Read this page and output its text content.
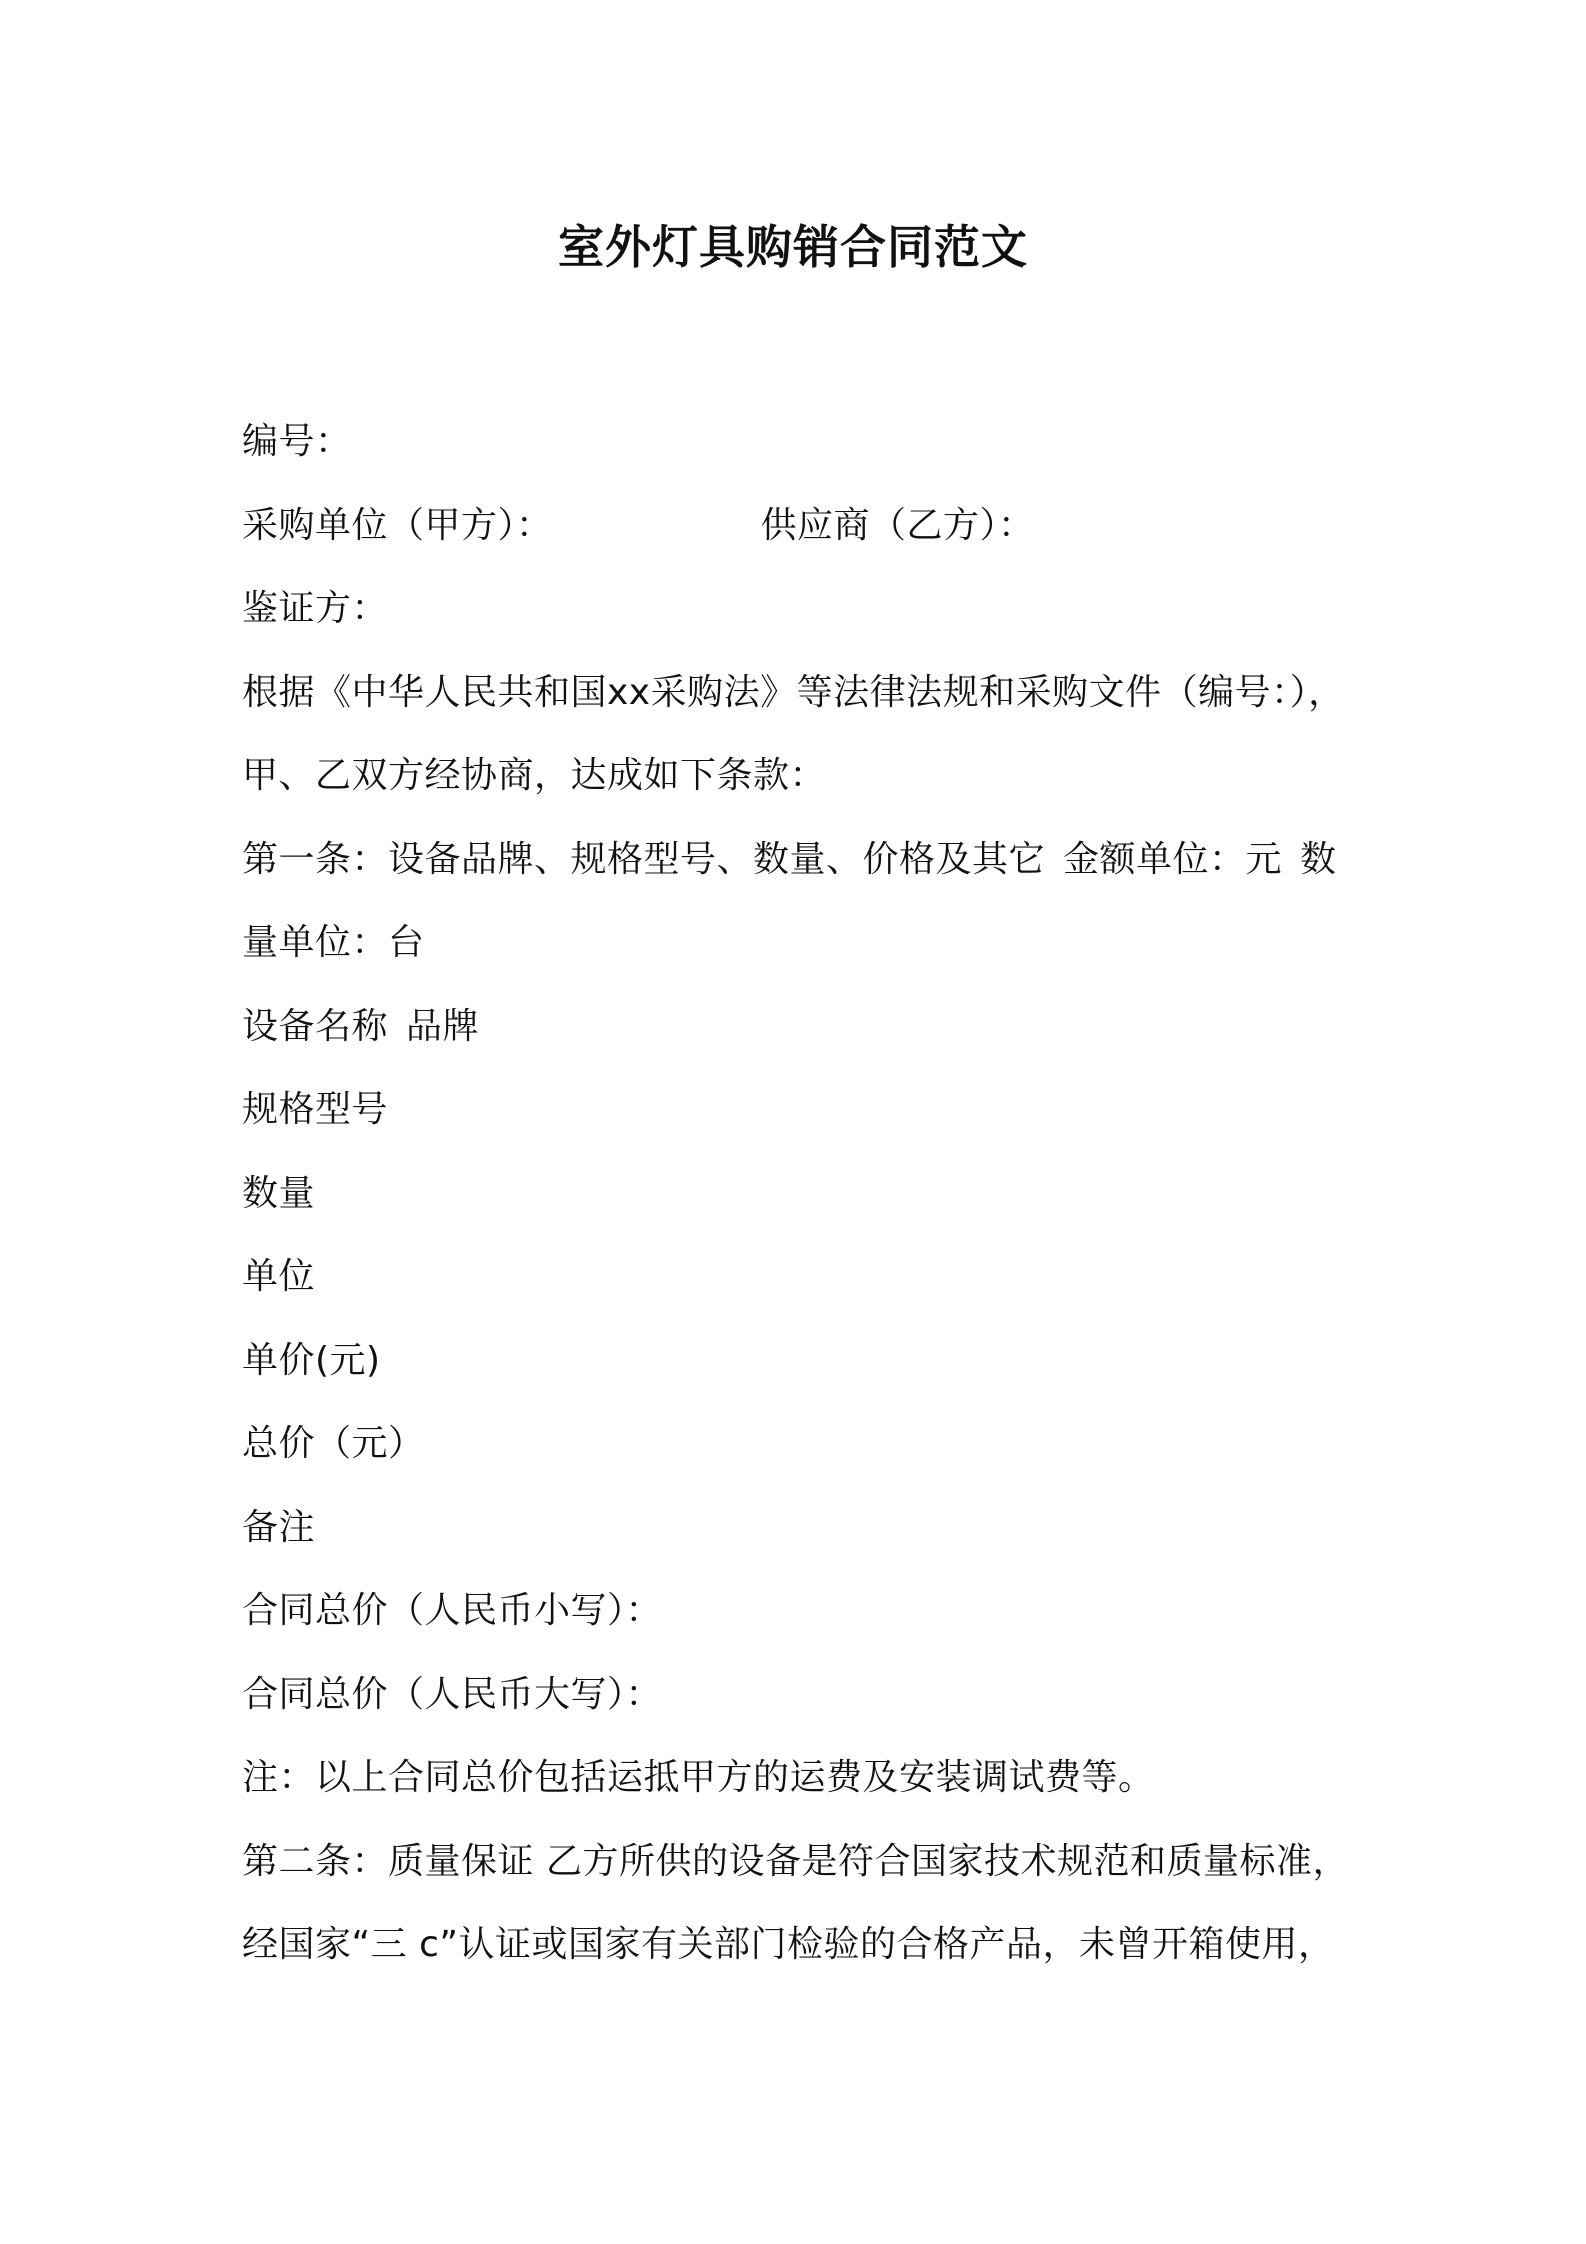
室外灯具购销合同范文
编号：
采购单位（甲方）：	供应商（乙方）：
鉴证方：
根据《中华人民共和国xx采购法》等法律法规和采购文件（编号：），
甲、乙双方经协商，达成如下条款：
第一条：设备品牌、规格型号、数量、价格及其它 金额单位：元 数
量单位：台
设备名称 品牌
规格型号
数量
单位
单价(元)
总价（元）
备注
合同总价（人民币小写）：
合同总价（人民币大写）：
注：以上合同总价包括运抵甲方的运费及安装调试费等。
第二条：质量保证 乙方所供的设备是符合国家技术规范和质量标准，
经国家“三 c”认证或国家有关部门检验的合格产品，未曾开箱使用，
